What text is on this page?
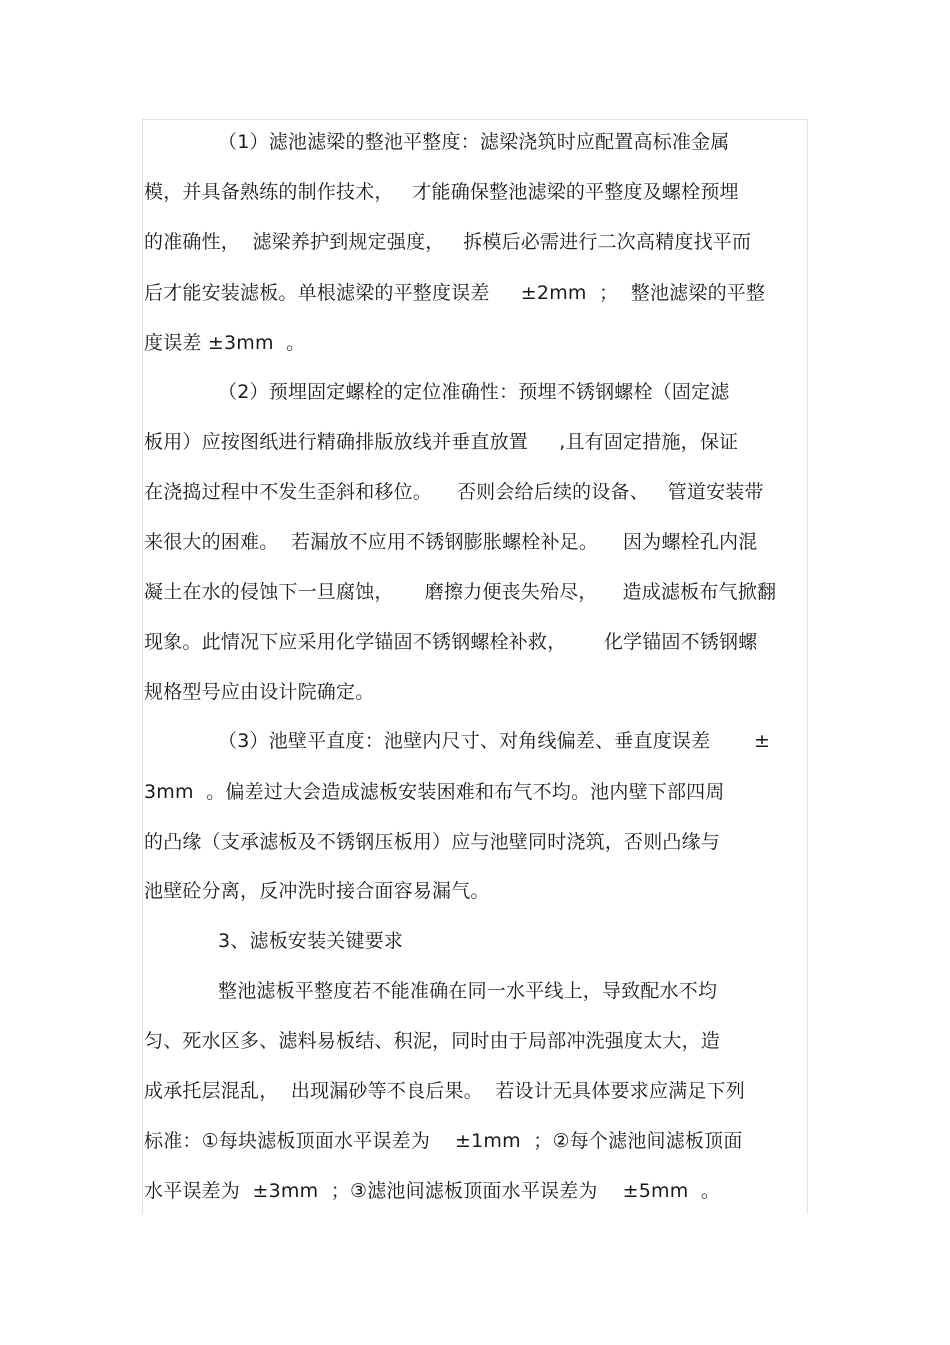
（1）滤池滤梁的整池平整度：滤梁浇筑时应配置高标准金属
模，并具备熟练的制作技术，   才能确保整池滤梁的平整度及螺栓预埋
的准确性，  滤梁养护到规定强度，   拆模后必需进行二次高精度找平而
后才能安装滤板。单根滤梁的平整度误差     ±2mm  ；  整池滤梁的平整
度误差 ±3mm  。
（2）预埋固定螺栓的定位准确性：预埋不锈钢螺栓（固定滤
板用）应按图纸进行精确排版放线并垂直放置     ,且有固定措施，保证
在浇捣过程中不发生歪斜和移位。    否则会给后续的设备、   管道安装带
来很大的困难。  若漏放不应用不锈钢膨胀螺栓补足。    因为螺栓孔内混
凝土在水的侵蚀下一旦腐蚀，     磨擦力便丧失殆尽，    造成滤板布气掀翻
现象。此情况下应采用化学锚固不锈钢螺栓补救，      化学锚固不锈钢螺
规格型号应由设计院确定。
（3）池壁平直度：池壁内尺寸、对角线偏差、垂直度误差       ±
3mm  。偏差过大会造成滤板安装困难和布气不均。池内壁下部四周
的凸缘（支承滤板及不锈钢压板用）应与池壁同时浇筑，否则凸缘与
池壁砼分离，反冲洗时接合面容易漏气。
3、滤板安装关键要求
整池滤板平整度若不能准确在同一水平线上，导致配水不均
匀、死水区多、滤料易板结、积泥，同时由于局部冲洗强度太大，造
成承托层混乱，  出现漏砂等不良后果。  若设计无具体要求应满足下列
标准：①每块滤板顶面水平误差为    ±1mm  ；②每个滤池间滤板顶面
水平误差为  ±3mm  ；③滤池间滤板顶面水平误差为    ±5mm  。
